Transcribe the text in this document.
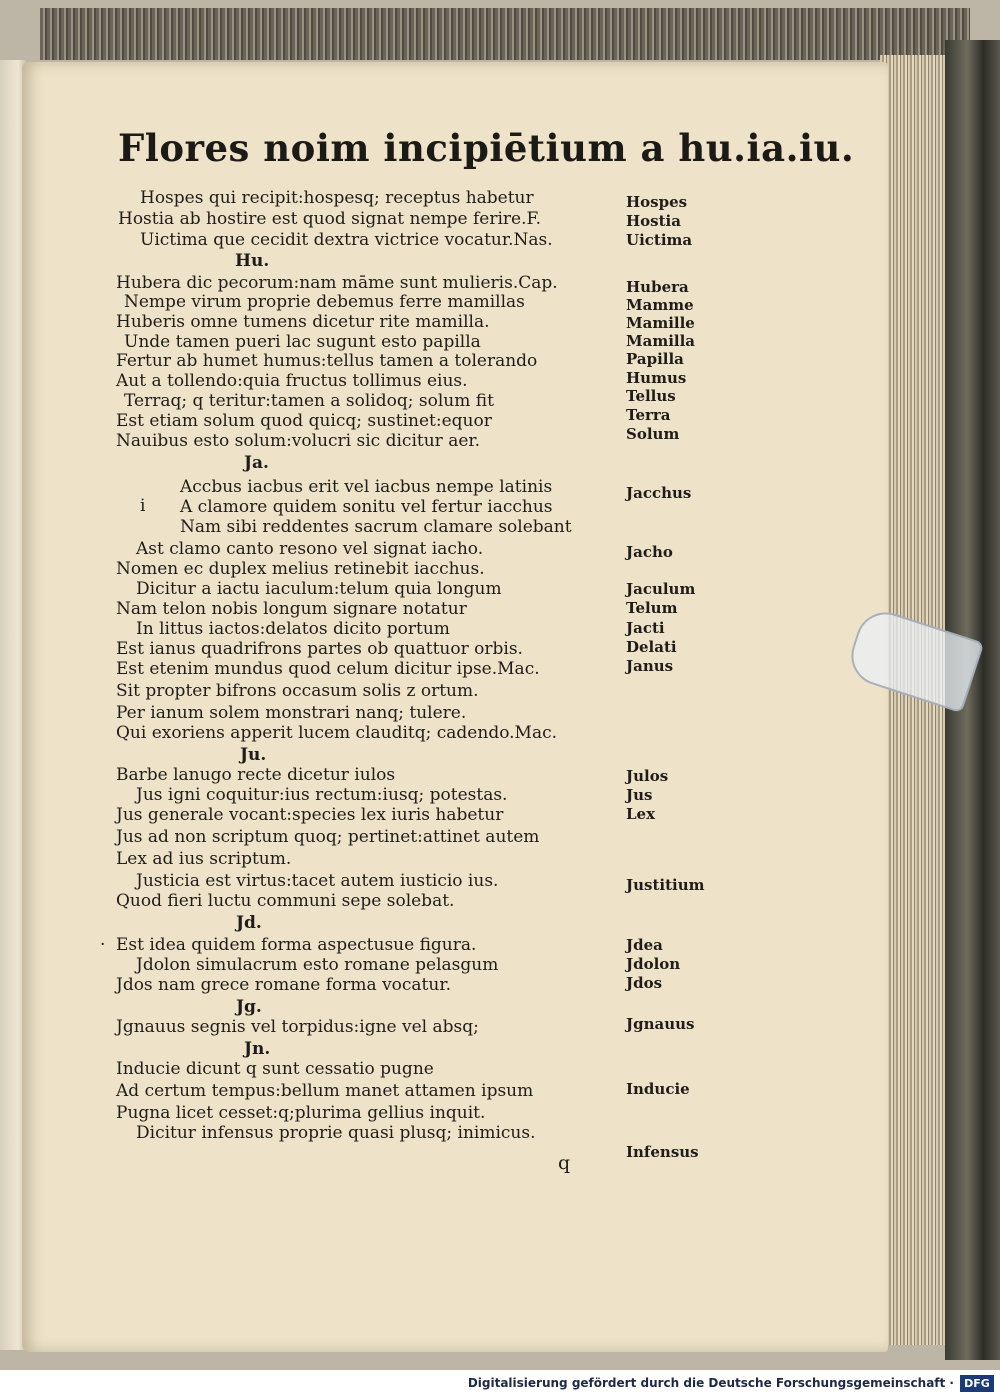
Flores noim incipiētium a hu.ia.iu.
Hospes qui recipit:hospesq; receptus habetur
Hostia ab hostire est quod signat nempe ferire.F.
Uictima que cecidit dextra victrice vocatur.Nas.
Hu.
Hubera dic pecorum:nam māme sunt mulieris.Cap.
Nempe virum proprie debemus ferre mamillas
Huberis omne tumens dicetur rite mamilla.
Unde tamen pueri lac sugunt esto papilla
Fertur ab humet humus:tellus tamen a tolerando
Aut a tollendo:quia fructus tollimus eius.
Terraq; q teritur:tamen a solidoq; solum fit
Est etiam solum quod quicq; sustinet:equor
Nauibus esto solum:volucri sic dicitur aer.
Ja.
Accbus iacbus erit vel iacbus nempe latinis
A clamore quidem sonitu vel fertur iacchus
Nam sibi reddentes sacrum clamare solebant
Ast clamo canto resono vel signat iacho.
Nomen ec duplex melius retinebit iacchus.
Dicitur a iactu iaculum:telum quia longum
Nam telon nobis longum signare notatur
In littus iactos:delatos dicito portum
Est ianus quadrifrons partes ob quattuor orbis.
Est etenim mundus quod celum dicitur ipse.Mac.
Sit propter bifrons occasum solis z ortum.
Per ianum solem monstrari nanq; tulere.
Qui exoriens apperit lucem clauditq; cadendo.Mac.
Ju.
Barbe lanugo recte dicetur iulos
Jus igni coquitur:ius rectum:iusq; potestas.
Jus generale vocant:species lex iuris habetur
Jus ad non scriptum quoq; pertinet:attinet autem
Lex ad ius scriptum.
Justicia est virtus:tacet autem iusticio ius.
Quod fieri luctu communi sepe solebat.
Jd.
Est idea quidem forma aspectusue figura.
Jdolon simulacrum esto romane pelasgum
Jdos nam grece romane forma vocatur.
Jg.
Jgnauus segnis vel torpidus:igne vel absq;
Jn.
Inducie dicunt q sunt cessatio pugne
Ad certum tempus:bellum manet attamen ipsum
Pugna licet cesset:q;plurima gellius inquit.
Dicitur infensus proprie quasi plusq; inimicus.
Hospes
Hostia
Uictima
Hubera
Mamme
Mamille
Mamilla
Papilla
Humus
Tellus
Terra
Solum
Jacchus
Jacho
Jaculum
Telum
Jacti
Delati
Janus
Julos
Jus
Lex
Justitium
Jdea
Jdolon
Jdos
Jgnauus
Inducie
Infensus
i
·
q
Digitalisierung gefördert durch die Deutsche Forschungsgemeinschaft · DFG
